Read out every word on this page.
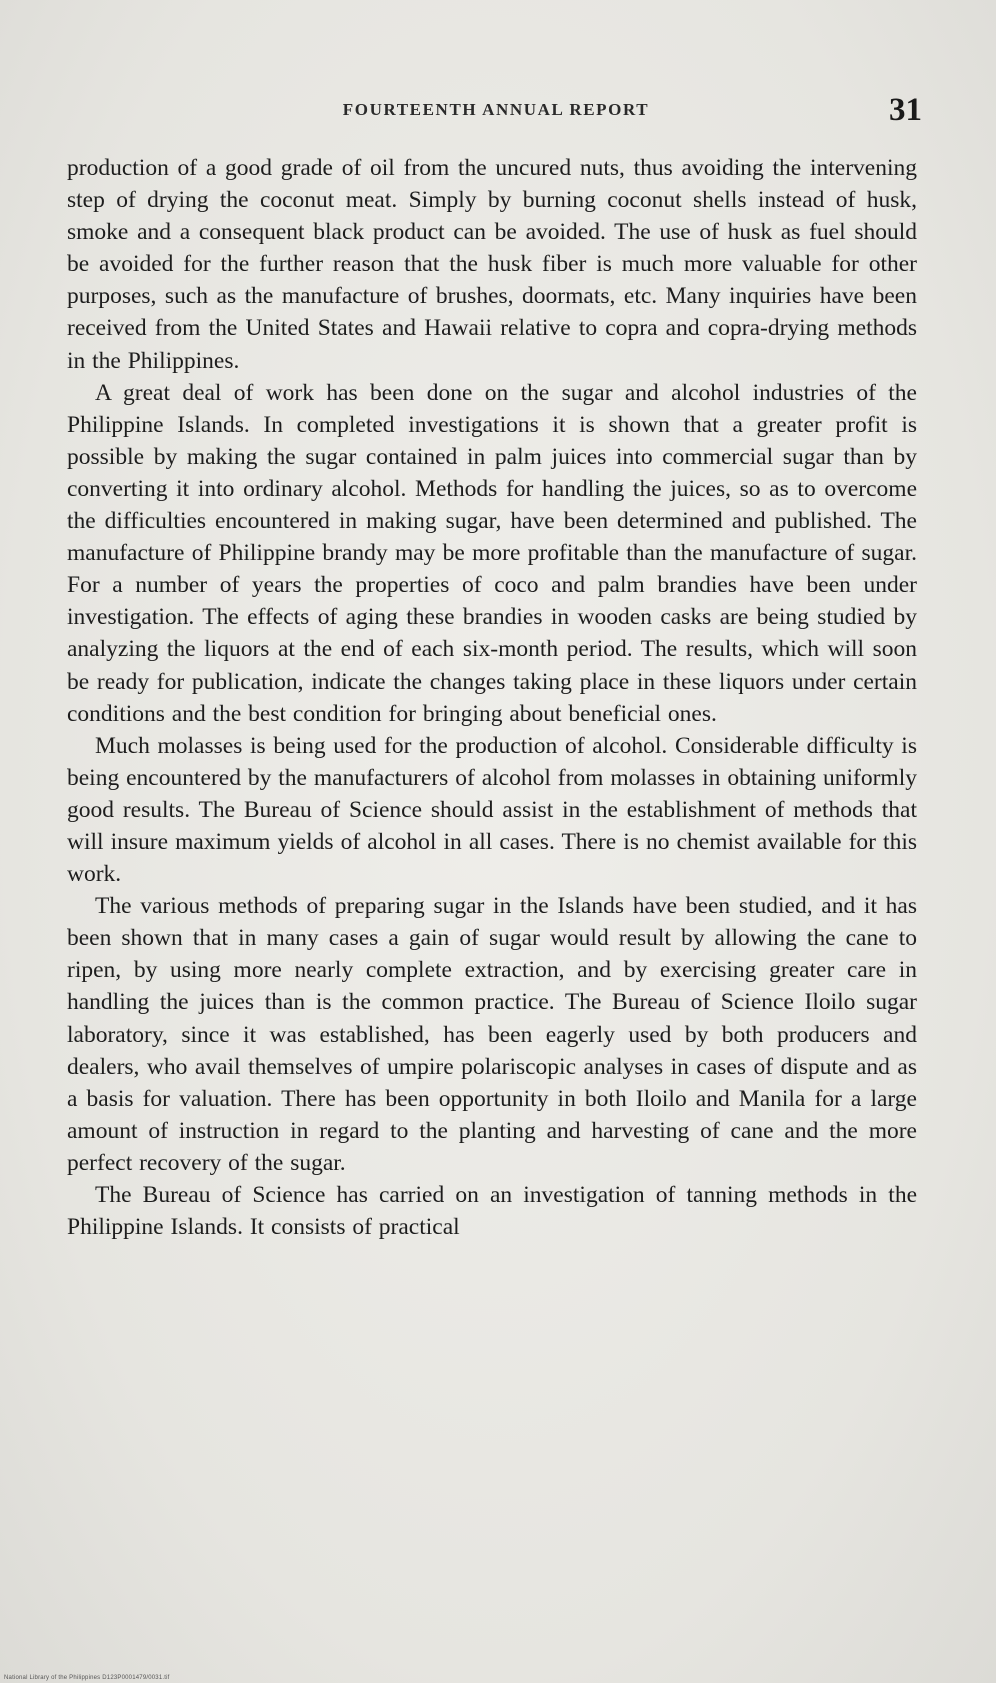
FOURTEENTH ANNUAL REPORT	31

production of a good grade of oil from the uncured nuts, thus avoiding the intervening step of drying the coconut meat. Simply by burning coconut shells instead of husk, smoke and a consequent black product can be avoided. The use of husk as fuel should be avoided for the further reason that the husk fiber is much more valuable for other purposes, such as the manufacture of brushes, doormats, etc. Many inquiries have been received from the United States and Hawaii relative to copra and copra-drying methods in the Philippines.

A great deal of work has been done on the sugar and alcohol industries of the Philippine Islands. In completed investigations it is shown that a greater profit is possible by making the sugar contained in palm juices into commercial sugar than by converting it into ordinary alcohol. Methods for handling the juices, so as to overcome the difficulties encountered in making sugar, have been determined and published. The manufacture of Philippine brandy may be more profitable than the manufacture of sugar. For a number of years the properties of coco and palm brandies have been under investigation. The effects of aging these brandies in wooden casks are being studied by analyzing the liquors at the end of each six-month period. The results, which will soon be ready for publication, indicate the changes taking place in these liquors under certain conditions and the best condition for bringing about beneficial ones.

Much molasses is being used for the production of alcohol. Considerable difficulty is being encountered by the manufacturers of alcohol from molasses in obtaining uniformly good results. The Bureau of Science should assist in the establishment of methods that will insure maximum yields of alcohol in all cases. There is no chemist available for this work.

The various methods of preparing sugar in the Islands have been studied, and it has been shown that in many cases a gain of sugar would result by allowing the cane to ripen, by using more nearly complete extraction, and by exercising greater care in handling the juices than is the common practice. The Bureau of Science Iloilo sugar laboratory, since it was established, has been eagerly used by both producers and dealers, who avail themselves of umpire polariscopic analyses in cases of dispute and as a basis for valuation. There has been opportunity in both Iloilo and Manila for a large amount of instruction in regard to the planting and harvesting of cane and the more perfect recovery of the sugar.

The Bureau of Science has carried on an investigation of tanning methods in the Philippine Islands. It consists of practical

National Library of the Philippines D123P0001479/0031.tif
